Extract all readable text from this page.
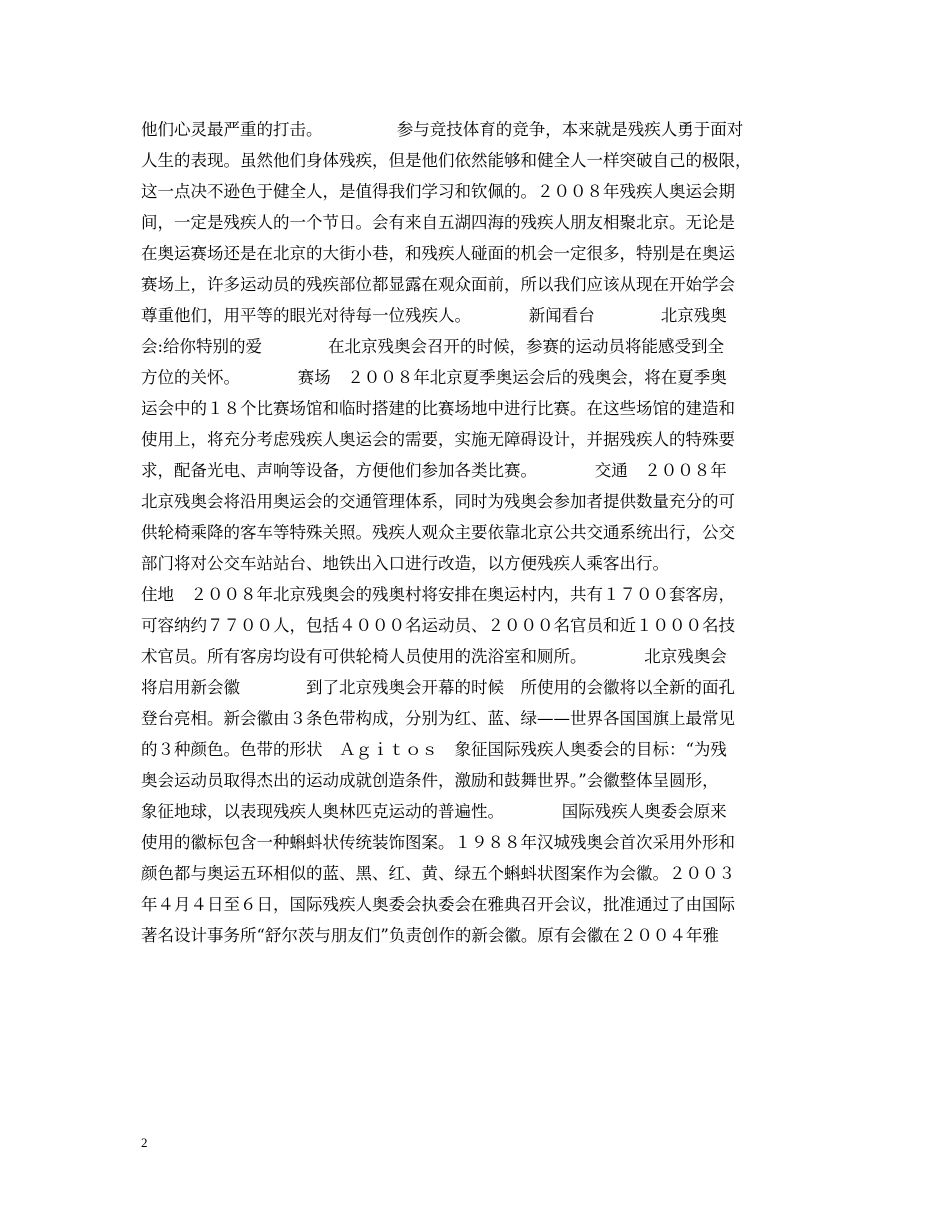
他们心灵最严重的打击。　　　　　参与竞技体育的竞争，本来就是残疾人勇于面对
人生的表现。虽然他们身体残疾，但是他们依然能够和健全人一样突破自己的极限，
这一点决不逊色于健全人，是值得我们学习和钦佩的。２００８年残疾人奥运会期
间，一定是残疾人的一个节日。会有来自五湖四海的残疾人朋友相聚北京。无论是
在奥运赛场还是在北京的大街小巷，和残疾人碰面的机会一定很多，特别是在奥运
赛场上，许多运动员的残疾部位都显露在观众面前，所以我们应该从现在开始学会
尊重他们，用平等的眼光对待每一位残疾人。　　　　新闻看台　　　　北京残奥
会:给你特别的爱　　　　在北京残奥会召开的时候，参赛的运动员将能感受到全
方位的关怀。　　　　赛场　２００８年北京夏季奥运会后的残奥会，将在夏季奥
运会中的１８个比赛场馆和临时搭建的比赛场地中进行比赛。在这些场馆的建造和
使用上，将充分考虑残疾人奥运会的需要，实施无障碍设计，并据残疾人的特殊要
求，配备光电、声响等设备，方便他们参加各类比赛。　　　　交通　２００８年
北京残奥会将沿用奥运会的交通管理体系，同时为残奥会参加者提供数量充分的可
供轮椅乘降的客车等特殊关照。残疾人观众主要依靠北京公共交通系统出行，公交
部门将对公交车站站台、地铁出入口进行改造，以方便残疾人乘客出行。
住地　２００８年北京残奥会的残奥村将安排在奥运村内，共有１７００套客房，
可容纳约７７００人，包括４０００名运动员、２０００名官员和近１０００名技
术官员。所有客房均设有可供轮椅人员使用的洗浴室和厕所。　　　　北京残奥会
将启用新会徽　　　　到了北京残奥会开幕的时候　所使用的会徽将以全新的面孔
登台亮相。新会徽由３条色带构成，分别为红、蓝、绿——世界各国国旗上最常见
的３种颜色。色带的形状　Ａｇｉｔｏｓ　象征国际残疾人奥委会的目标：“为残
奥会运动员取得杰出的运动成就创造条件，激励和鼓舞世界。”会徽整体呈圆形，
象征地球，以表现残疾人奥林匹克运动的普遍性。　　　　国际残疾人奥委会原来
使用的徽标包含一种蝌蚪状传统装饰图案。１９８８年汉城残奥会首次采用外形和
颜色都与奥运五环相似的蓝、黑、红、黄、绿五个蝌蚪状图案作为会徽。２００３
年４月４日至６日，国际残疾人奥委会执委会在雅典召开会议，批准通过了由国际
著名设计事务所“舒尔茨与朋友们”负责创作的新会徽。原有会徽在２００４年雅
2
